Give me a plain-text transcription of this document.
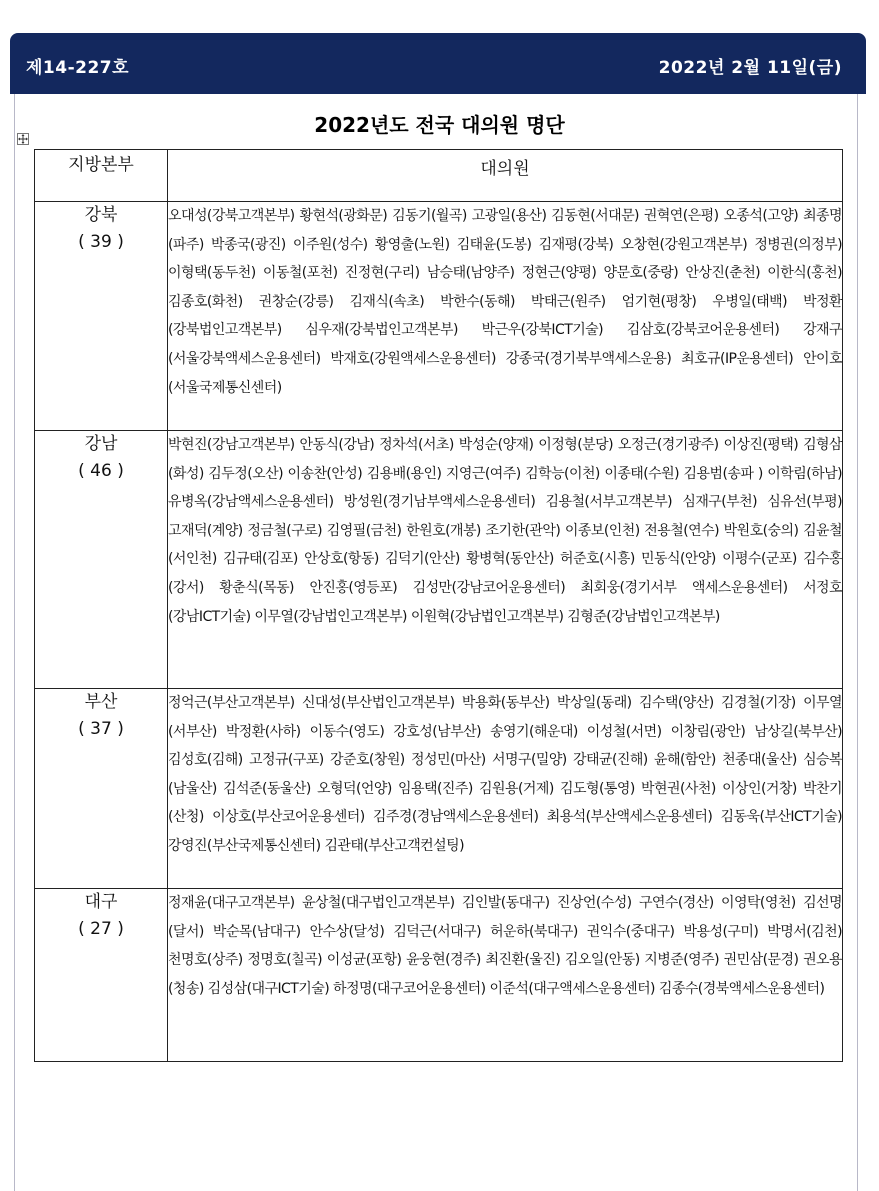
제14-227호	2022년 2월 11일(금)
2022년도 전국 대의원 명단
지방본부	대의원

강북
( 39 )	오대성(강북고객본부) 황현석(광화문) 김동기(월곡) 고광일(용산) 김동현(서대문) 권혁연(은평) 오종석(고양) 최종명(파주) 박종국(광진) 이주원(성수) 황영출(노원) 김태윤(도봉) 김재평(강북) 오창현(강원고객본부) 정병권(의정부) 이형택(동두천) 이동철(포천) 진정현(구리) 남승태(남양주) 정현근(양평) 양문호(중랑) 안상진(춘천) 이한식(홍천) 김종호(화천) 권창순(강릉) 김재식(속초) 박한수(동해) 박태근(원주) 엄기현(평창) 우병일(태백) 박정환(강북법인고객본부) 심우재(강북법인고객본부) 박근우(강북ICT기술) 김삼호(강북코어운용센터) 강재구(서울강북액세스운용센터) 박재호(강원액세스운용센터) 강종국(경기북부액세스운용) 최호규(IP운용센터) 안이호(서울국제통신센터)

강남
( 46 )	박현진(강남고객본부) 안동식(강남) 정차석(서초) 박성순(양재) 이정형(분당) 오정근(경기광주) 이상진(평택) 김형삼(화성) 김두정(오산) 이송찬(안성) 김용배(용인) 지영근(여주) 김학능(이천) 이종태(수원) 김용범(송파 ) 이학림(하남) 유병옥(강남액세스운용센터) 방성원(경기남부액세스운용센터) 김용철(서부고객본부) 심재구(부천) 심유선(부평) 고재덕(계양) 정금철(구로) 김영필(금천) 한원호(개봉) 조기한(관악) 이종보(인천) 전용철(연수) 박원호(숭의) 김윤철(서인천) 김규태(김포) 안상호(항동) 김덕기(안산) 황병혁(동안산) 허준호(시흥) 민동식(안양) 이평수(군포) 김수홍(강서) 황춘식(목동) 안진홍(영등포) 김성만(강남코어운용센터) 최회웅(경기서부 액세스운용센터) 서정호(강남ICT기술) 이무열(강남법인고객본부) 이원혁(강남법인고객본부) 김형준(강남법인고객본부)

부산
( 37 )	정억근(부산고객본부) 신대성(부산법인고객본부) 박용화(동부산) 박상일(동래) 김수택(양산) 김경철(기장) 이무열(서부산) 박정환(사하) 이동수(영도) 강호성(남부산) 송영기(해운대) 이성철(서면) 이창림(광안) 남상길(북부산) 김성호(김해) 고정규(구포) 강준호(창원) 정성민(마산) 서명구(밀양) 강태균(진해) 윤해(함안) 천종대(울산) 심승복(남울산) 김석준(동울산) 오형덕(언양) 임용택(진주) 김원용(거제) 김도형(통영) 박현권(사천) 이상인(거창) 박찬기(산청) 이상호(부산코어운용센터) 김주경(경남액세스운용센터) 최용석(부산액세스운용센터) 김동욱(부산ICT기술) 강영진(부산국제통신센터) 김관태(부산고객컨설팅)

대구
( 27 )	정재윤(대구고객본부) 윤상철(대구법인고객본부) 김인발(동대구) 진상언(수성) 구연수(경산) 이영탁(영천) 김선명(달서) 박순목(남대구) 안수상(달성) 김덕근(서대구) 허운하(북대구) 권익수(중대구) 박용성(구미) 박명서(김천) 천명호(상주) 정명호(칠곡) 이성균(포항) 윤웅현(경주) 최진환(울진) 김오일(안동) 지병준(영주) 권민삼(문경) 권오용(청송) 김성삼(대구ICT기술) 하정명(대구코어운용센터) 이준석(대구액세스운용센터) 김종수(경북액세스운용센터)
